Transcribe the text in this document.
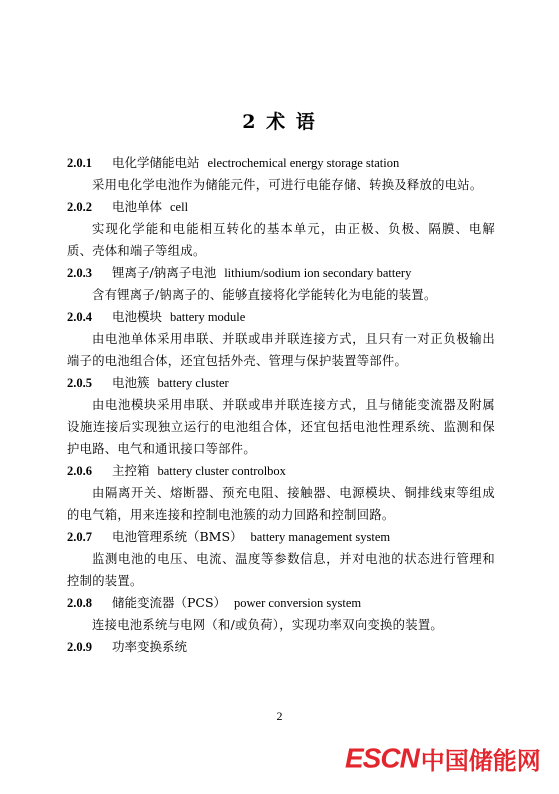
2 术 语
2.0.1 电化学储能电站 electrochemical energy storage station

采用电化学电池作为储能元件，可进行电能存储、转换及释放的电站。

2.0.2 电池单体 cell

实现化学能和电能相互转化的基本单元，由正极、负极、隔膜、电解质、壳体和端子等组成。

2.0.3 锂离子/钠离子电池 lithium/sodium ion secondary battery

含有锂离子/钠离子的、能够直接将化学能转化为电能的装置。

2.0.4 电池模块 battery module

由电池单体采用串联、并联或串并联连接方式，且只有一对正负极输出端子的电池组合体，还宜包括外壳、管理与保护装置等部件。

2.0.5 电池簇 battery cluster

由电池模块采用串联、并联或串并联连接方式，且与储能变流器及附属设施连接后实现独立运行的电池组合体，还宜包括电池性理系统、监测和保护电路、电气和通讯接口等部件。

2.0.6 主控箱 battery cluster controlbox

由隔离开关、熔断器、预充电阻、接触器、电源模块、铜排线束等组成的电气箱，用来连接和控制电池簇的动力回路和控制回路。

2.0.7 电池管理系统（BMS） battery management system

监测电池的电压、电流、温度等参数信息，并对电池的状态进行管理和控制的装置。

2.0.8 储能变流器（PCS） power conversion system

连接电池系统与电网（和/或负荷），实现功率双向变换的装置。

2.0.9 功率变换系统
2
ESCN中国储能网
